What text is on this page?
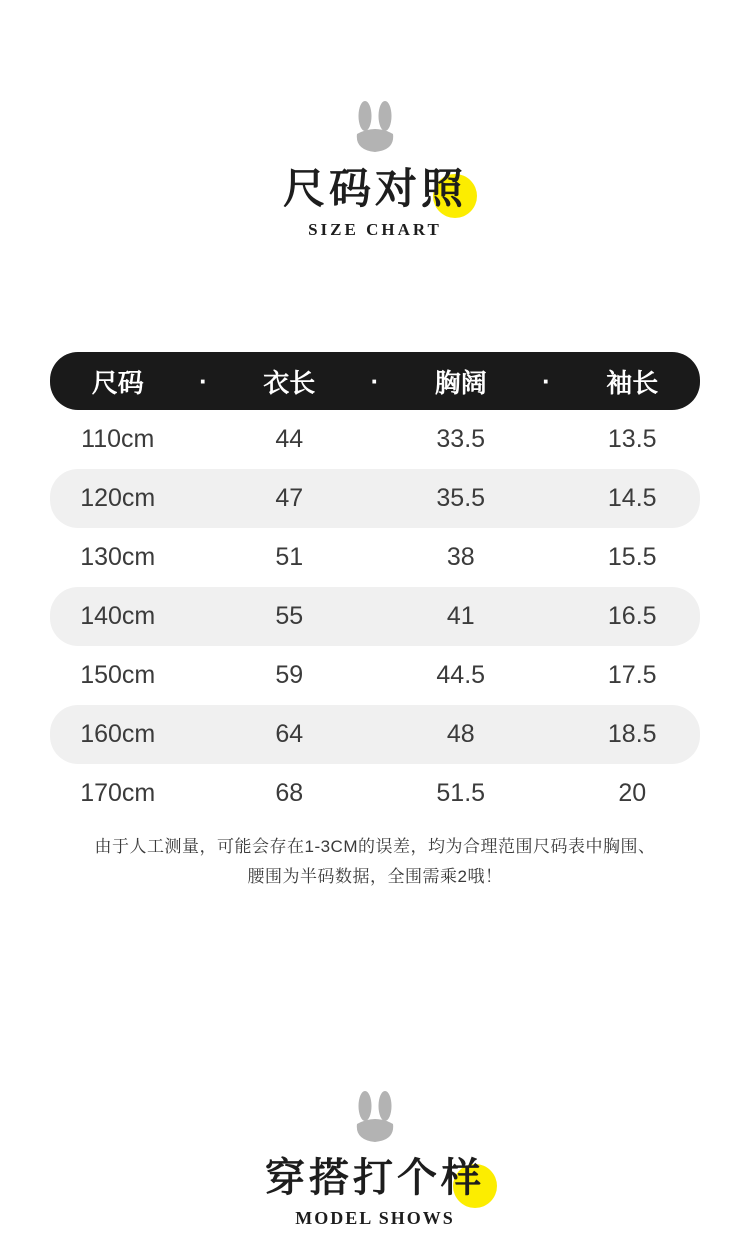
尺码对照
SIZE CHART
尺码	·	衣长	·	胸阔	·	袖长
110cm		44		33.5		13.5
120cm		47		35.5		14.5
130cm		51		38		15.5
140cm		55		41		16.5
150cm		59		44.5		17.5
160cm		64		48		18.5
170cm		68		51.5		20
由于人工测量，可能会存在1-3CM的误差，均为合理范围尺码表中胸围、
腰围为半码数据，全围需乘2哦！
穿搭打个样
MODEL SHOWS
